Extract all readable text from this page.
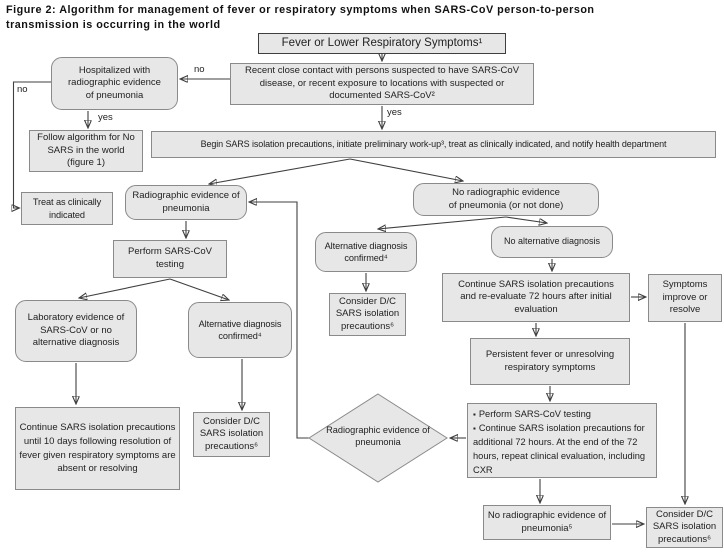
Figure 2: Algorithm for management of fever or respiratory symptoms when SARS-CoV person-to-person transmission is occurring in the world
Fever or Lower Respiratory Symptoms¹
Recent close contact with persons suspected to have SARS-CoV disease, or recent exposure to locations with suspected or documented SARS-CoV²
Hospitalized with radiographic evidence of pneumonia
Follow algorithm for No SARS in the world (figure 1)
Begin SARS isolation precautions, initiate preliminary work-up³, treat as clinically indicated, and notify health department
Treat as clinically indicated
Radiographic evidence of pneumonia
No radiographic evidence of pneumonia (or not done)
Perform SARS-CoV testing
Laboratory evidence of SARS-CoV or no alternative diagnosis
Alternative diagnosis confirmed⁴
Alternative diagnosis confirmed⁴
No alternative diagnosis
Consider D/C SARS isolation precautions⁶
Continue SARS isolation precautions and re-evaluate 72 hours after initial evaluation
Symptoms improve or resolve
Persistent fever or unresolving respiratory symptoms
Continue SARS isolation precautions until 10 days following resolution of fever given respiratory symptoms are absent or resolving
Consider D/C SARS isolation precautions⁶
▪ Perform SARS-CoV testing
▪ Continue SARS isolation precautions for additional 72 hours. At the end of the 72 hours, repeat clinical evaluation, including CXR
Radiographic evidence of pneumonia
No radiographic evidence of pneumonia⁵
Consider D/C SARS isolation precautions⁶
no
yes
yes
no
